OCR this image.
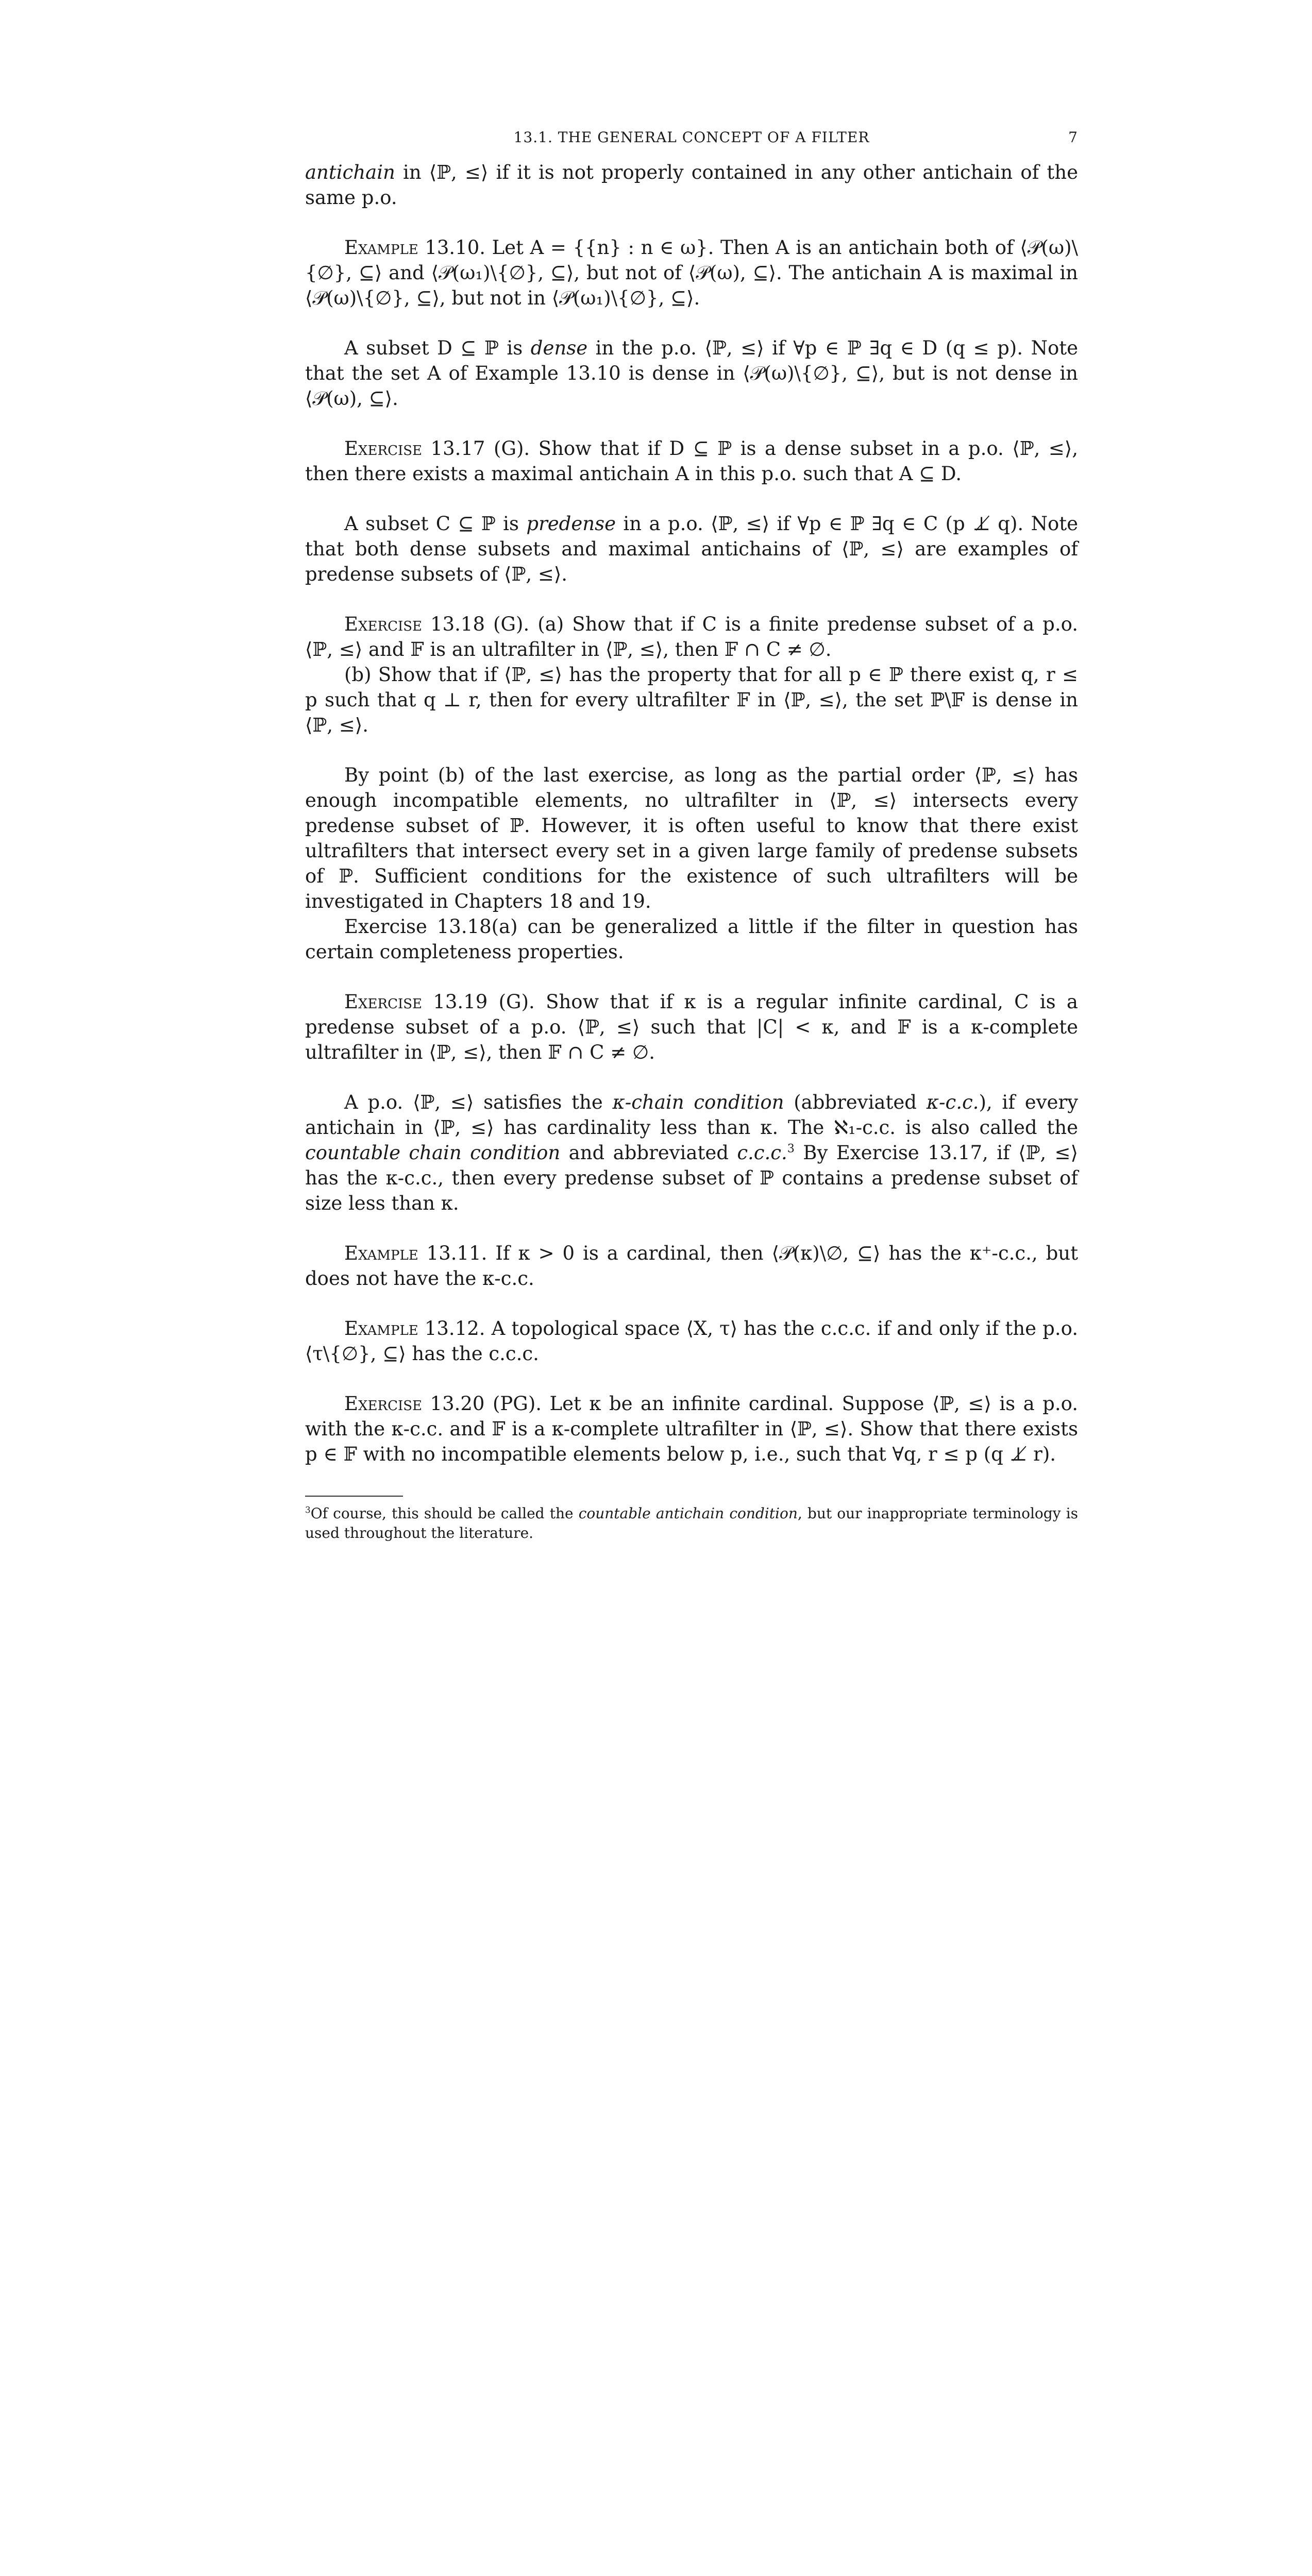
13.1. THE GENERAL CONCEPT OF A FILTER	7

antichain in ⟨ℙ, ≤⟩ if it is not properly contained in any other antichain of the same p.o.

Example 13.10. Let A = {{n} : n ∈ ω}. Then A is an antichain both of ⟨𝒫(ω)\{∅}, ⊆⟩ and ⟨𝒫(ω₁)\{∅}, ⊆⟩, but not of ⟨𝒫(ω), ⊆⟩. The antichain A is maximal in ⟨𝒫(ω)\{∅}, ⊆⟩, but not in ⟨𝒫(ω₁)\{∅}, ⊆⟩.

A subset D ⊆ ℙ is dense in the p.o. ⟨ℙ, ≤⟩ if ∀p ∈ ℙ ∃q ∈ D (q ≤ p). Note that the set A of Example 13.10 is dense in ⟨𝒫(ω)\{∅}, ⊆⟩, but is not dense in ⟨𝒫(ω), ⊆⟩.

Exercise 13.17 (G). Show that if D ⊆ ℙ is a dense subset in a p.o. ⟨ℙ, ≤⟩, then there exists a maximal antichain A in this p.o. such that A ⊆ D.

A subset C ⊆ ℙ is predense in a p.o. ⟨ℙ, ≤⟩ if ∀p ∈ ℙ ∃q ∈ C (p ⊥̸ q). Note that both dense subsets and maximal antichains of ⟨ℙ, ≤⟩ are examples of predense subsets of ⟨ℙ, ≤⟩.

Exercise 13.18 (G). (a) Show that if C is a finite predense subset of a p.o. ⟨ℙ, ≤⟩ and 𝔽 is an ultrafilter in ⟨ℙ, ≤⟩, then 𝔽 ∩ C ≠ ∅.

(b) Show that if ⟨ℙ, ≤⟩ has the property that for all p ∈ ℙ there exist q, r ≤ p such that q ⊥ r, then for every ultrafilter 𝔽 in ⟨ℙ, ≤⟩, the set ℙ\𝔽 is dense in ⟨ℙ, ≤⟩.

By point (b) of the last exercise, as long as the partial order ⟨ℙ, ≤⟩ has enough incompatible elements, no ultrafilter in ⟨ℙ, ≤⟩ intersects every predense subset of ℙ. However, it is often useful to know that there exist ultrafilters that intersect every set in a given large family of predense subsets of ℙ. Sufficient conditions for the existence of such ultrafilters will be investigated in Chapters 18 and 19.

Exercise 13.18(a) can be generalized a little if the filter in question has certain completeness properties.

Exercise 13.19 (G). Show that if κ is a regular infinite cardinal, C is a predense subset of a p.o. ⟨ℙ, ≤⟩ such that |C| < κ, and 𝔽 is a κ-complete ultrafilter in ⟨ℙ, ≤⟩, then 𝔽 ∩ C ≠ ∅.

A p.o. ⟨ℙ, ≤⟩ satisfies the κ-chain condition (abbreviated κ-c.c.), if every antichain in ⟨ℙ, ≤⟩ has cardinality less than κ. The ℵ₁-c.c. is also called the countable chain condition and abbreviated c.c.c.$^3$ By Exercise 13.17, if ⟨ℙ, ≤⟩ has the κ-c.c., then every predense subset of ℙ contains a predense subset of size less than κ.

Example 13.11. If κ > 0 is a cardinal, then ⟨𝒫(κ)\∅, ⊆⟩ has the κ⁺-c.c., but does not have the κ-c.c.

Example 13.12. A topological space ⟨X, τ⟩ has the c.c.c. if and only if the p.o. ⟨τ\{∅}, ⊆⟩ has the c.c.c.

Exercise 13.20 (PG). Let κ be an infinite cardinal. Suppose ⟨ℙ, ≤⟩ is a p.o. with the κ-c.c. and 𝔽 is a κ-complete ultrafilter in ⟨ℙ, ≤⟩. Show that there exists p ∈ 𝔽 with no incompatible elements below p, i.e., such that ∀q, r ≤ p (q ⊥̸ r).

$^3$Of course, this should be called the countable antichain condition, but our inappropriate terminology is used throughout the literature.
